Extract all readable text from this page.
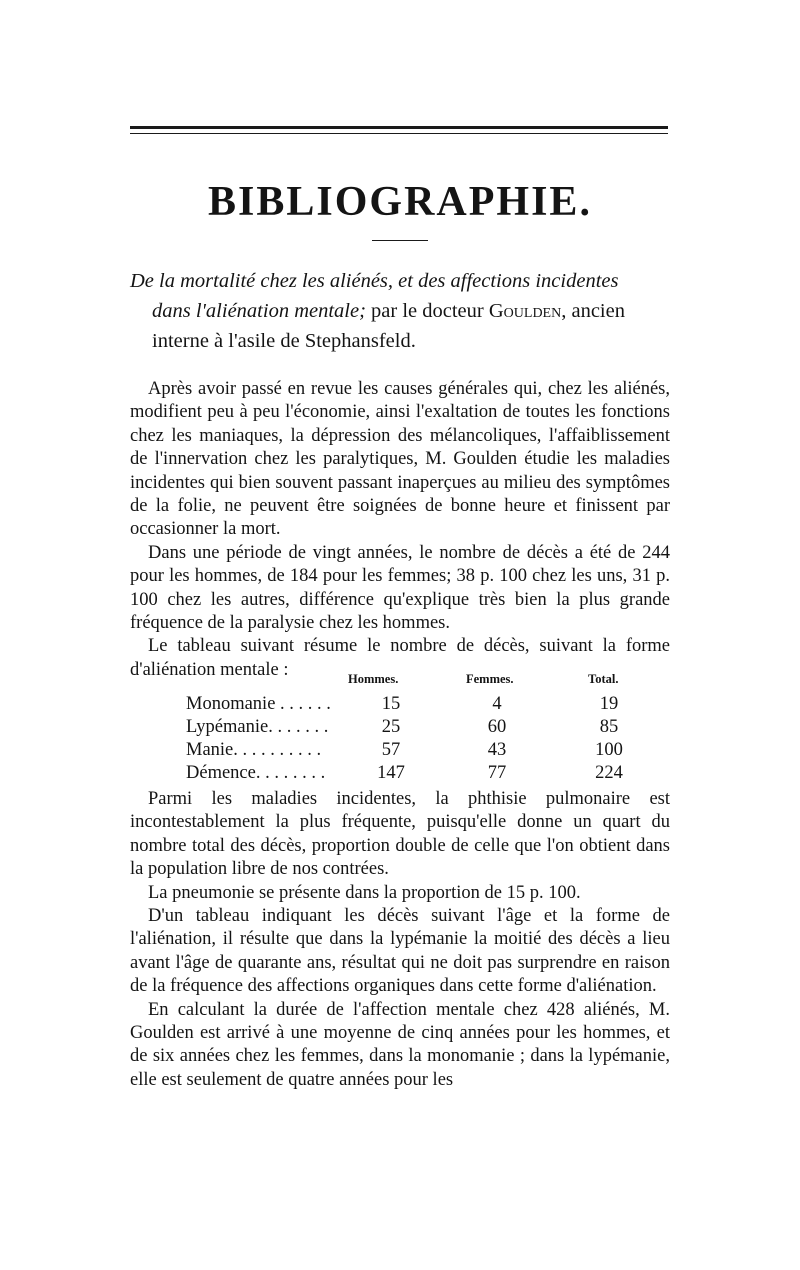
BIBLIOGRAPHIE.

De la mortalité chez les aliénés, et des affections incidentes

dans l'aliénation mentale; par le docteur Goulden, ancien

interne à l'asile de Stephansfeld.

Après avoir passé en revue les causes générales qui, chez les aliénés, modifient peu à peu l'économie, ainsi l'exaltation de toutes les fonctions chez les maniaques, la dépression des mélancoliques, l'affaiblissement de l'innervation chez les paralytiques, M. Goulden étudie les maladies incidentes qui bien souvent passant inaperçues au milieu des symptômes de la folie, ne peuvent être soignées de bonne heure et finissent par occasionner la mort.

Dans une période de vingt années, le nombre de décès a été de 244 pour les hommes, de 184 pour les femmes; 38 p. 100 chez les uns, 31 p. 100 chez les autres, différence qu'explique très bien la plus grande fréquence de la paralysie chez les hommes.

Le tableau suivant résume le nombre de décès, suivant la forme d'aliénation mentale :	Hommes.	Femmes.	Total.
Monomanie . . . . . .	15	4	19
Lypémanie. . . . . . .	25	60	85
Manie. . . . . . . . . .	57	43	100
Démence. . . . . . . .	147	77	224

Parmi les maladies incidentes, la phthisie pulmonaire est incontestablement la plus fréquente, puisqu'elle donne un quart du nombre total des décès, proportion double de celle que l'on obtient dans la population libre de nos contrées.

La pneumonie se présente dans la proportion de 15 p. 100.

D'un tableau indiquant les décès suivant l'âge et la forme de l'aliénation, il résulte que dans la lypémanie la moitié des décès a lieu avant l'âge de quarante ans, résultat qui ne doit pas surprendre en raison de la fréquence des affections organiques dans cette forme d'aliénation.

En calculant la durée de l'affection mentale chez 428 aliénés, M. Goulden est arrivé à une moyenne de cinq années pour les hommes, et de six années chez les femmes, dans la monomanie ; dans la lypémanie, elle est seulement de quatre années pour les
